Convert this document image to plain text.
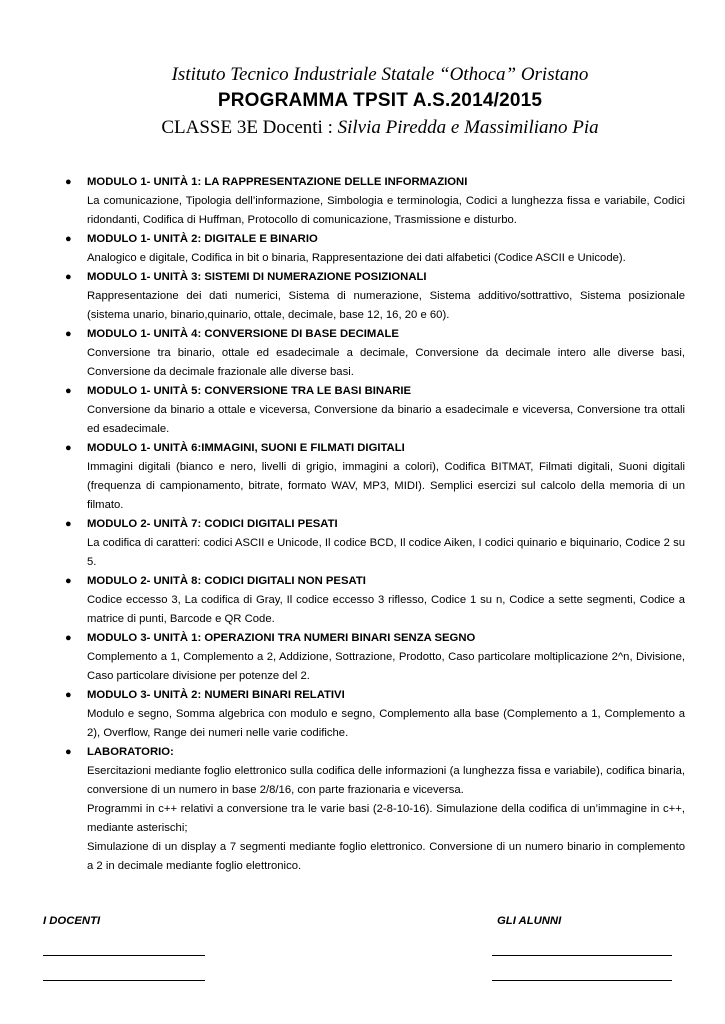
Istituto Tecnico Industriale Statale “Othoca” Oristano
PROGRAMMA TPSIT A.S.2014/2015
CLASSE 3E Docenti : Silvia Piredda e Massimiliano Pia
● MODULO 1- UNITÀ 1: LA RAPPRESENTAZIONE DELLE INFORMAZIONI
La comunicazione, Tipologia dell’informazione, Simbologia e terminologia, Codici a lunghezza fissa e variabile, Codici ridondanti, Codifica di Huffman, Protocollo di comunicazione, Trasmissione e disturbo.
● MODULO 1- UNITÀ 2: DIGITALE E BINARIO
Analogico e digitale, Codifica in bit o binaria, Rappresentazione dei dati alfabetici (Codice ASCII e Unicode).
● MODULO 1- UNITÀ 3: SISTEMI DI NUMERAZIONE POSIZIONALI
Rappresentazione dei dati numerici, Sistema di numerazione, Sistema additivo/sottrattivo, Sistema posizionale (sistema unario, binario,quinario, ottale, decimale, base 12, 16, 20 e 60).
● MODULO 1- UNITÀ 4: CONVERSIONE DI BASE DECIMALE
Conversione tra binario, ottale ed esadecimale a decimale, Conversione da decimale intero alle diverse basi, Conversione da decimale frazionale alle diverse basi.
● MODULO 1- UNITÀ 5: CONVERSIONE TRA LE BASI BINARIE
Conversione da binario a ottale e viceversa, Conversione da binario a esadecimale e viceversa, Conversione tra ottali ed esadecimale.
● MODULO 1- UNITÀ 6:IMMAGINI, SUONI E FILMATI DIGITALI
Immagini digitali (bianco e nero, livelli di grigio, immagini a colori), Codifica BITMAT, Filmati digitali, Suoni digitali (frequenza di campionamento, bitrate, formato WAV, MP3, MIDI). Semplici esercizi sul calcolo della memoria di un filmato.
● MODULO 2- UNITÀ 7: CODICI DIGITALI PESATI
La codifica di caratteri: codici ASCII e Unicode, Il codice BCD, Il codice Aiken, I codici quinario e biquinario, Codice 2 su 5.
● MODULO 2- UNITÀ 8: CODICI DIGITALI NON PESATI
Codice eccesso 3, La codifica di Gray, Il codice eccesso 3 riflesso, Codice 1 su n, Codice a sette segmenti, Codice a matrice di punti, Barcode e QR Code.
● MODULO 3- UNITÀ 1: OPERAZIONI TRA NUMERI BINARI SENZA SEGNO
Complemento a 1, Complemento a 2, Addizione, Sottrazione, Prodotto, Caso particolare moltiplicazione 2^n, Divisione, Caso particolare divisione per potenze del 2.
● MODULO 3- UNITÀ 2: NUMERI BINARI RELATIVI
Modulo e segno, Somma algebrica con modulo e segno, Complemento alla base (Complemento a 1, Complemento a 2), Overflow, Range dei numeri nelle varie codifiche.
● LABORATORIO:
Esercitazioni mediante foglio elettronico sulla codifica delle informazioni (a lunghezza fissa e variabile), codifica binaria, conversione di un numero in base 2/8/16, con parte frazionaria e viceversa.
Programmi in c++ relativi a conversione tra le varie basi (2-8-10-16). Simulazione della codifica di un’immagine in c++, mediante asterischi;
Simulazione di un display a 7 segmenti mediante foglio elettronico. Conversione di un numero binario in complemento a 2 in decimale mediante foglio elettronico.
I DOCENTI	GLI ALUNNI
